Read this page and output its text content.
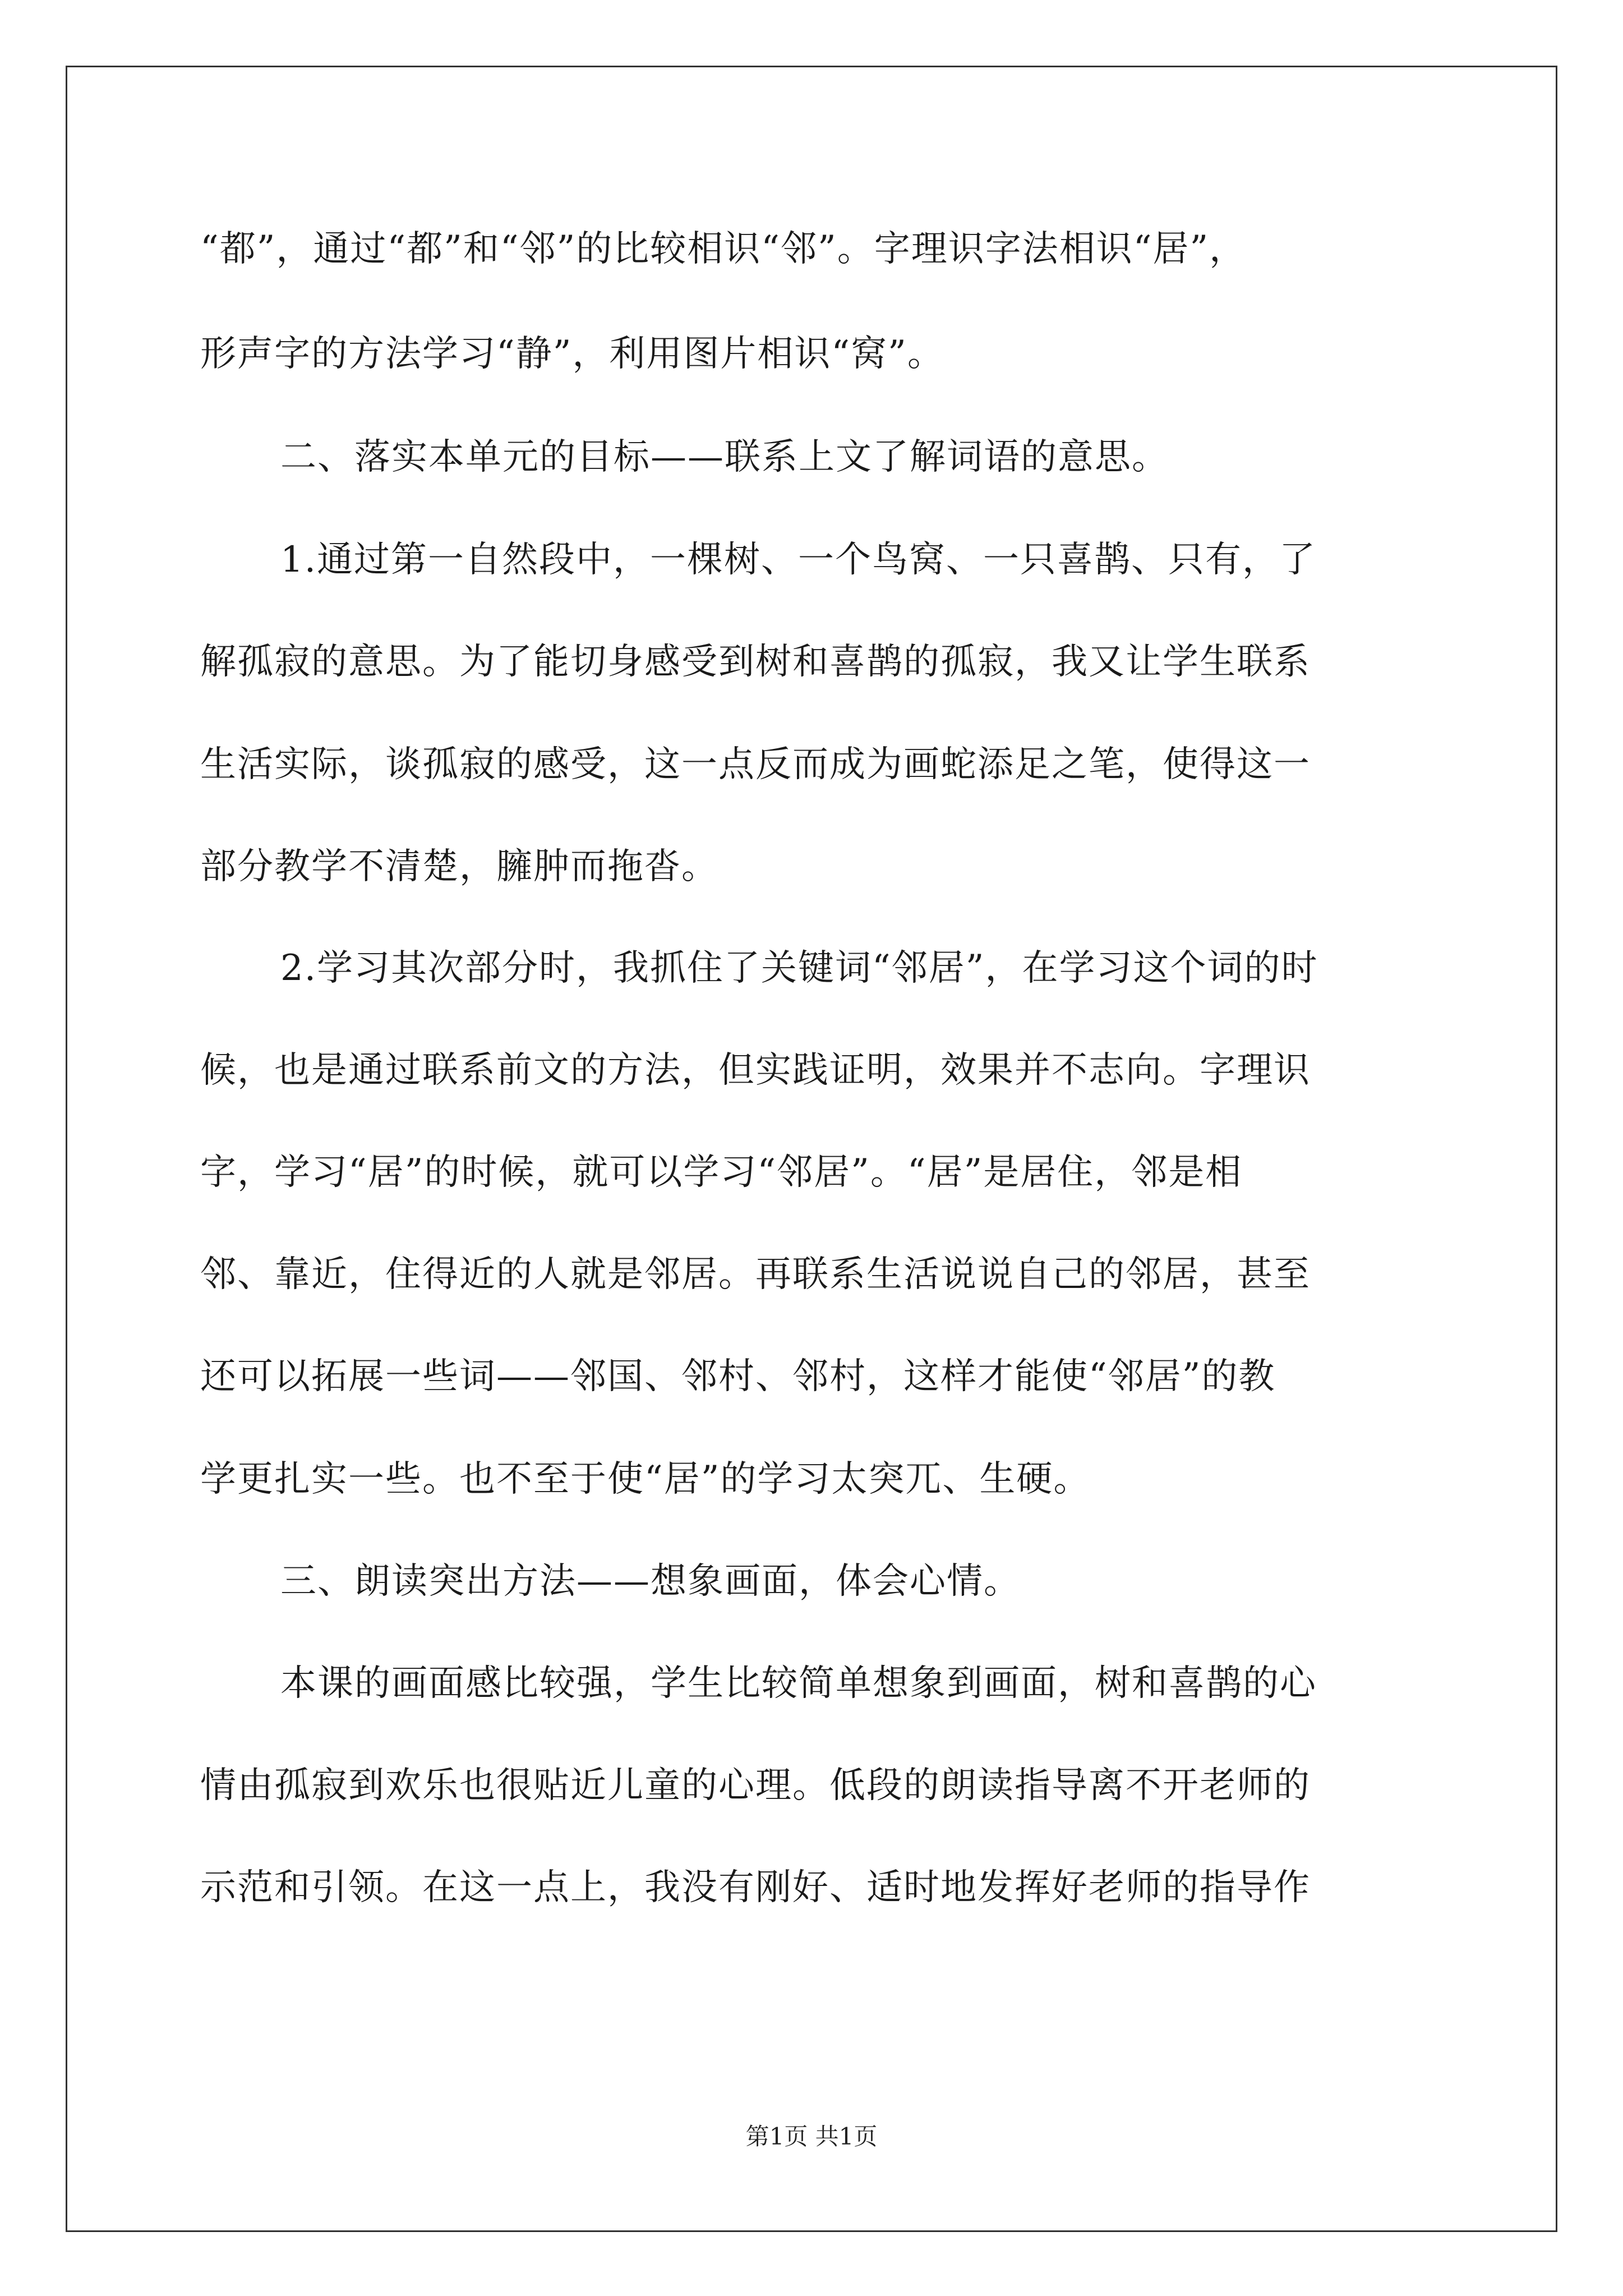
“都”，通过“都”和“邻”的比较相识“邻”。字理识字法相识“居”，
形声字的方法学习“静”，利用图片相识“窝”。
二、落实本单元的目标——联系上文了解词语的意思。
1.通过第一自然段中，一棵树、一个鸟窝、一只喜鹊、只有，了
解孤寂的意思。为了能切身感受到树和喜鹊的孤寂，我又让学生联系
生活实际，谈孤寂的感受，这一点反而成为画蛇添足之笔，使得这一
部分教学不清楚，臃肿而拖沓。
2.学习其次部分时，我抓住了关键词“邻居”，在学习这个词的时
候，也是通过联系前文的方法，但实践证明，效果并不志向。字理识
字，学习“居”的时候，就可以学习“邻居”。“居”是居住，邻是相
邻、靠近，住得近的人就是邻居。再联系生活说说自己的邻居，甚至
还可以拓展一些词——邻国、邻村、邻村，这样才能使“邻居”的教
学更扎实一些。也不至于使“居”的学习太突兀、生硬。
三、朗读突出方法——想象画面，体会心情。
本课的画面感比较强，学生比较简单想象到画面，树和喜鹊的心
情由孤寂到欢乐也很贴近儿童的心理。低段的朗读指导离不开老师的
示范和引领。在这一点上，我没有刚好、适时地发挥好老师的指导作
第1页 共1页
